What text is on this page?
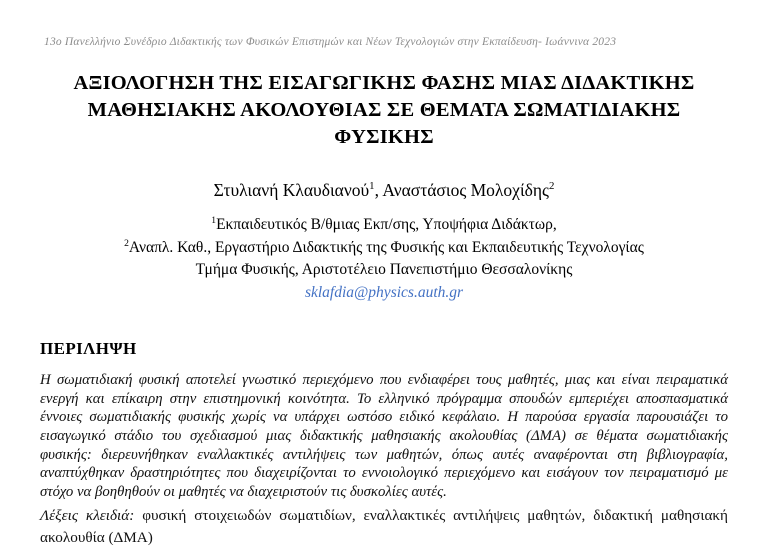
13ο Πανελλήνιο Συνέδριο Διδακτικής των Φυσικών Επιστημών και Νέων Τεχνολογιών στην Εκπαίδευση- Ιωάννινα 2023
ΑΞΙΟΛΟΓΗΣΗ ΤΗΣ ΕΙΣΑΓΩΓΙΚΗΣ ΦΑΣΗΣ ΜΙΑΣ ΔΙΔΑΚΤΙΚΗΣ ΜΑΘΗΣΙΑΚΗΣ ΑΚΟΛΟΥΘΙΑΣ ΣΕ ΘΕΜΑΤΑ ΣΩΜΑΤΙΔΙΑΚΗΣ ΦΥΣΙΚΗΣ
Στυλιανή Κλαυδιανού$^1$, Αναστάσιος Μολοχίδης$^2$
$^1$Εκπαιδευτικός Β/θμιας Εκπ/σης, Υποψήφια Διδάκτωρ,
$^2$Αναπλ. Καθ., Εργαστήριο Διδακτικής της Φυσικής και Εκπαιδευτικής Τεχνολογίας
Τμήμα Φυσικής, Αριστοτέλειο Πανεπιστήμιο Θεσσαλονίκης
sklafdia@physics.auth.gr
ΠΕΡΙΛΗΨΗ
Η σωματιδιακή φυσική αποτελεί γνωστικό περιεχόμενο που ενδιαφέρει τους μαθητές, μιας και είναι πειραματικά ενεργή και επίκαιρη στην επιστημονική κοινότητα. Το ελληνικό πρόγραμμα σπουδών εμπεριέχει αποσπασματικά έννοιες σωματιδιακής φυσικής χωρίς να υπάρχει ωστόσο ειδικό κεφάλαιο. Η παρούσα εργασία παρουσιάζει το εισαγωγικό στάδιο του σχεδιασμού μιας διδακτικής μαθησιακής ακολουθίας (ΔΜΑ) σε θέματα σωματιδιακής φυσικής: διερευνήθηκαν εναλλακτικές αντιλήψεις των μαθητών, όπως αυτές αναφέρονται στη βιβλιογραφία, αναπτύχθηκαν δραστηριότητες που διαχειρίζονται το εννοιολογικό περιεχόμενο και εισάγουν τον πειραματισμό με στόχο να βοηθηθούν οι μαθητές να διαχειριστούν τις δυσκολίες αυτές.
Λέξεις κλειδιά: φυσική στοιχειωδών σωματιδίων, εναλλακτικές αντιλήψεις μαθητών, διδακτική μαθησιακή ακολουθία (ΔΜΑ)
